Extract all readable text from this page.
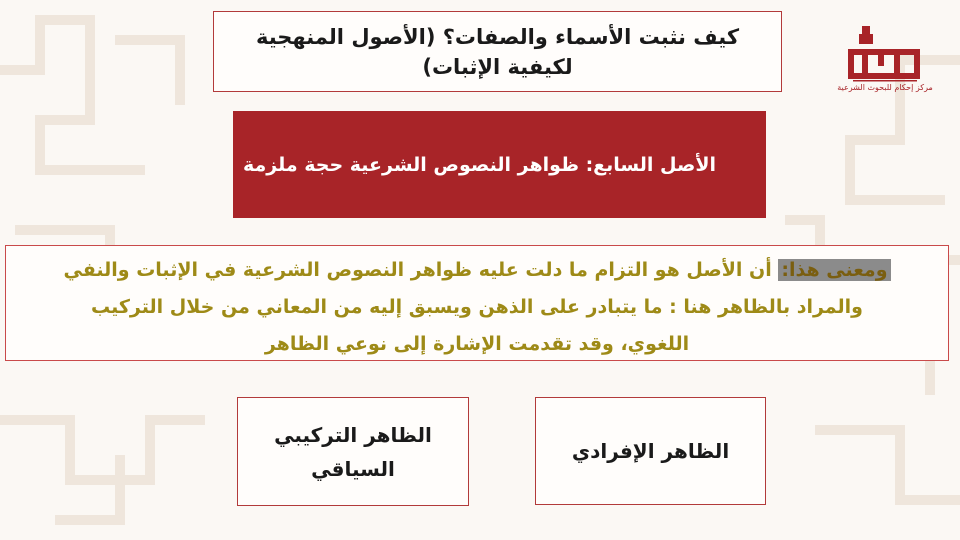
مركز إحكام للبحوث الشرعية
كيف نثبت الأسماء والصفات؟ (الأصول المنهجية
لكيفية الإثبات)
الأصل السابع: ظواهر النصوص الشرعية حجة ملزمة
ومعنى هذا: أن الأصل هو التزام ما دلت عليه ظواهر النصوص الشرعية في الإثبات والنفي
والمراد بالظاهر هنا : ما يتبادر على الذهن ويسبق إليه من المعاني من خلال التركيب
اللغوي، وقد تقدمت الإشارة إلى نوعي الظاهر
الظاهر التركيبي
السياقي
الظاهر الإفرادي
